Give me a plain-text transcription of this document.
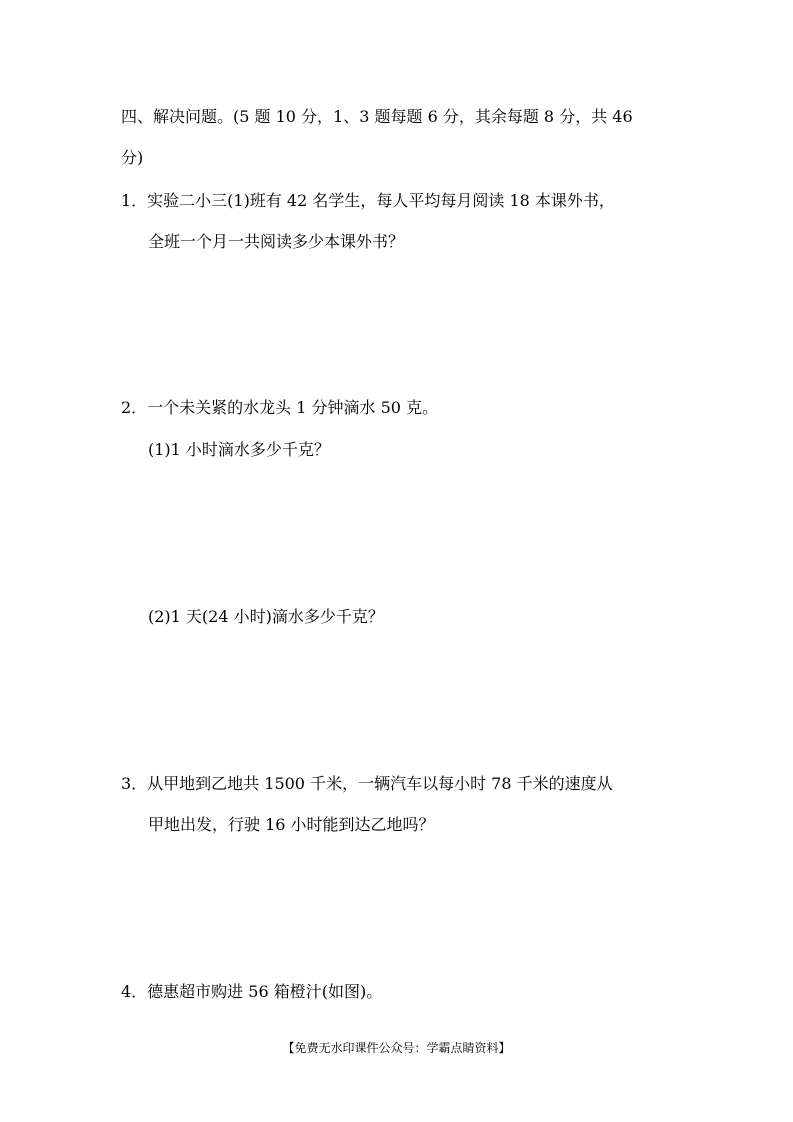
四、解决问题。(5 题 10 分，1、3 题每题 6 分，其余每题 8 分，共 46
分)
1．实验二小三(1)班有 42 名学生，每人平均每月阅读 18 本课外书，
全班一个月一共阅读多少本课外书？
2．一个未关紧的水龙头 1 分钟滴水 50 克。
(1)1 小时滴水多少千克？
(2)1 天(24 小时)滴水多少千克？
3．从甲地到乙地共 1500 千米，一辆汽车以每小时 78 千米的速度从
甲地出发，行驶 16 小时能到达乙地吗？
4．德惠超市购进 56 箱橙汁(如图)。
【免费无水印课件公众号：学霸点睛资料】
